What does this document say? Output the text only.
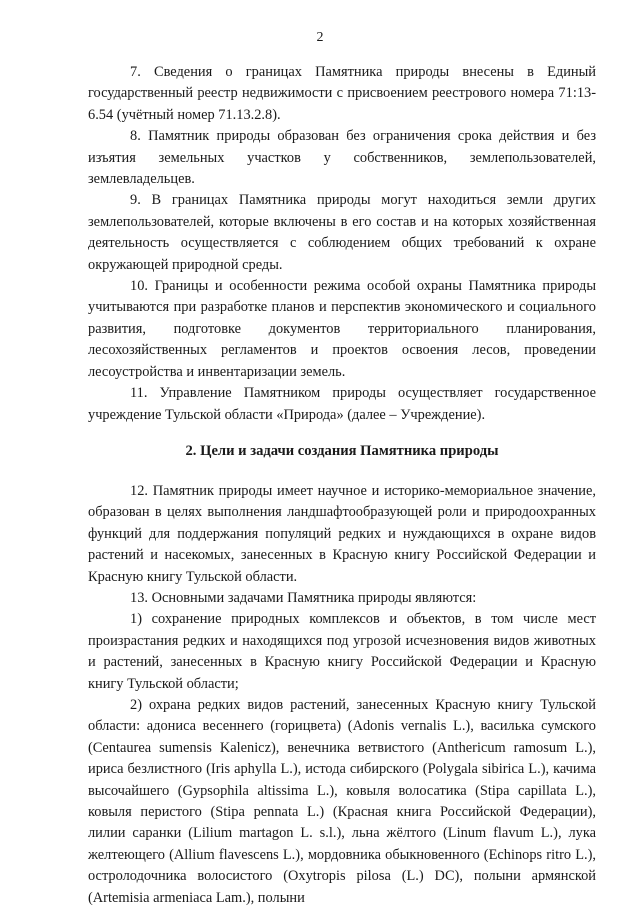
2

7. Сведения о границах Памятника природы внесены в Единый государственный реестр недвижимости с присвоением реестрового номера 71:13-6.54 (учётный номер 71.13.2.8).

8. Памятник природы образован без ограничения срока действия и без изъятия земельных участков у собственников, землепользователей, землевладельцев.

9. В границах Памятника природы могут находиться земли других землепользователей, которые включены в его состав и на которых хозяйственная деятельность осуществляется с соблюдением общих требований к охране окружающей природной среды.

10. Границы и особенности режима особой охраны Памятника природы учитываются при разработке планов и перспектив экономического и социального развития, подготовке документов территориального планирования, лесохозяйственных регламентов и проектов освоения лесов, проведении лесоустройства и инвентаризации земель.

11. Управление Памятником природы осуществляет государственное учреждение Тульской области «Природа» (далее – Учреждение).

2. Цели и задачи создания Памятника природы

12. Памятник природы имеет научное и историко-мемориальное значение, образован в целях выполнения ландшафтообразующей роли и природоохранных функций для поддержания популяций редких и нуждающихся в охране видов растений и насекомых, занесенных в Красную книгу Российской Федерации и Красную книгу Тульской области.

13. Основными задачами Памятника природы являются:

1) сохранение природных комплексов и объектов, в том числе мест произрастания редких и находящихся под угрозой исчезновения видов животных и растений, занесенных в Красную книгу Российской Федерации и Красную книгу Тульской области;

2) охрана редких видов растений, занесенных Красную книгу Тульской области: адониса весеннего (горицвета) (Adonis vernalis L.), василька сумского (Centaurea sumensis Kalenicz), венечника ветвистого (Anthericum ramosum L.), ириса безлистного (Iris aphylla L.), истода сибирского (Polygala sibirica L.), качима высочайшего (Gypsophila altissima L.), ковыля волосатика (Stipa capillata L.), ковыля перистого (Stipa pennata L.) (Красная книга Российской Федерации), лилии саранки (Lilium martagon L. s.l.), льна жёлтого (Linum flavum L.), лука желтеющего (Allium flavescens L.), мордовника обыкновенного (Echinops ritro L.), остролодочника волосистого (Oxytropis pilosa (L.) DC), полыни армянской (Artemisia armeniaca Lam.), полыни
